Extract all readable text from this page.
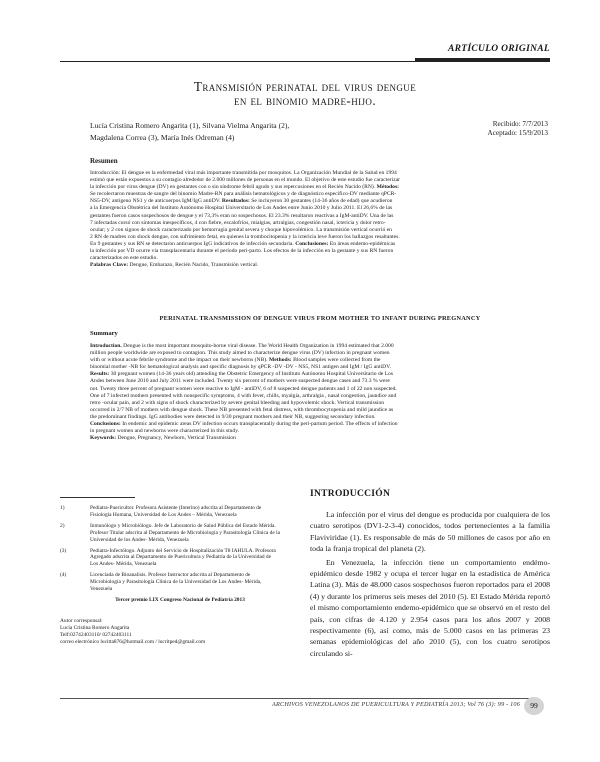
ARTÍCULO ORIGINAL
Transmisión perinatal del virus dengue
en el binomio madre-hijo.
Lucía Cristina Romero Angarita (1), Silvana Vielma Angarita (2),
Magdalena Correa (3), María Inés Odreman (4)
Recibido: 7/7/2013
Aceptado: 15/9/2013
Resumen
Introducción: El dengue es la enfermedad viral más importante transmitida por mosquitos. La Organización Mundial de la Salud en 1994
estimó que están expuestos a su contagio alrededor de 2.000 millones de personas en el mundo. El objetivo de este estudio fue caracterizar
la infección por virus dengue (DV) en gestantes con o sin síndrome febril agudo y sus repercusiones en el Recién Nacido (RN). Métodos:
Se recolectaron muestras de sangre del binomio Madre-RN para análisis hematológicos y de diagnóstico específico-DV mediante qPCR-
NS5-DV, antígeno NS1 y de anticuerpos IgM/IgG antiDV. Resultados: Se incluyeron 30 gestantes (14-36 años de edad) que acudieron
a la Emergencia Obstétrica del Instituto Autónomo Hospital Universitario de Los Andes entre Junio 2010 y Julio 2011. El 26,6% de las
gestantes fueron casos sospechosos de dengue y el 73,3% eran no sospechosos. El 23.3% resultaron reactivas a IgM-antiDV. Una de las
7 infectadas cursó con síntomas inespecíficos, 4 con fiebre, escalofríos, mialgias, artralgias, congestión nasal, ictericia y dolor retro-
ocular; y 2 con signos de shock caracterizado por hemorragia genital severa y choque hipovolémico. La transmisión vertical ocurrió en
2 RN de madres con shock dengue, con sufrimiento fetal, en quienes la trombocitopenia y la ictericia leve fueron los hallazgos resaltantes.
En 9 gestantes y sus RN se detectaron anticuerpos IgG indicativos de infección secundaria. Conclusiones: En áreas endemo-epidémicas
la infección por VD ocurre vía transplacentaria durante el período peri-parto. Los efectos de la infección en la gestante y sus RN fueron
caracterizados en este estudio.
Palabras Clave: Dengue, Embarazo, Recién Nacido, Transmisión vertical.
PERINATAL TRANSMISSION OF DENGUE VIRUS FROM MOTHER TO INFANT DURING PREGNANCY
Summary
Introduction. Dengue is the most important mosquito-borne viral disease. The World Health Organization in 1994 estimated that 2.000
million people worldwide are exposed to contagion. This study aimed to characterize dengue virus (DV) infection in pregnant women
with or without acute febrile syndrome and the impact on their newborns (NB). Methods: Blood samples were collected from the
binomial mother -NB for hematological analysis and specific diagnosis by qPCR -DV -DV - NS5, NS1 antigen and IgM / IgG antiDV.
Results: 30 pregnant women (14-36 years old) attending the Obstetric Emergency of Instituto Autónomo Hospital Universitario de Los
Andes between June 2010 and July 2011 were included. Twenty six percent of mothers were suspected dengue cases and 73.3 % were
not. Twenty three percent of pregnant women were reactive to IgM - antiDV, 6 of 8 suspected dengue patients and 1 of 22 non suspected.
One of 7 infected mothers presented with nonspecific symptoms, 4 with fever, chills, myalgia, arthralgia , nasal congestion, jaundice and
retro -ocular pain, and 2 with signs of shock characterized by severe genital bleeding and hypovolemic shock. Vertical transmission
occurred in 2/7 NB of mothers with dengue shock. These NB presented with fetal distress, with thrombocytopenia and mild jaundice as
the predominant findings. IgG antibodies were detected in 9/30 pregnant mothers and their NB, suggesting secondary infection.
Conclusions: In endemic and epidemic areas DV infection occurs transplacentally during the peri-partum period. The effects of infection
in pregnant women and newborns were characterized in this study.
Keywords: Dengue, Pregnancy, Newborn, Vertical Transmission
1)	Pediatra-Puericultor. Profesora Asistente (Interino) adscrita al Departamento de Fisiología Humana, Universidad de Los Andes – Mérida, Venezuela
2)	Inmunólogo y Microbiólogo. Jefe de Laboratorio de Salud Pública del Estado Mérida. Profesor Titular adscrita al Departamento de Microbiología y Parasitología Clínica de la Universidad de los Andes- Mérida, Venezuela
(3)	Pediatra-Infectólogo. Adjunto del Servicio de Hospitalización T8 IAHULA. Profesora Agregado adscrita al Departamento de Puericultura y Pediatría de la Universidad de Los Andes- Mérida, Venezuela
(4)	Licenciada de Bioanalisis. Profesor Instructor adscrita al Departamento de Microbiología y Parasitología Clínica de la Universidad de Los Andes- Mérida, Venezuela
Tercer premio LIX Congreso Nacional de Pediatría 2013
Autor corresponsal:
Lucía Cristina Romero Angarita
Telf:02742403110/ 02742403111
correo electrónico lucitta876@hotmail.com / lucritped@gmail.com
INTRODUCCIÓN

La infección por el virus del dengue es producida por cualquiera de los cuatro serotipos (DV1-2-3-4) conocidos, todos pertenecientes a la familia Flaviviridae (1). Es responsable de más de 50 millones de casos por año en toda la franja tropical del planeta (2).

En Venezuela, la infección tiene un comportamiento endémo-epidémico desde 1982 y ocupa el tercer lugar en la estadística de América Latina (3). Más de 48.000 casos sospechosos fueron reportados para el 2008 (4) y durante los primeros seis meses del 2010 (5). El Estado Mérida reportó el mismo comportamiento endemo-epidémico que se observó en el resto del país, con cifras de 4.120 y 2.954 casos para los años 2007 y 2008 respectivamente (6), así como, más de 5.000 casos en las primeras 23 semanas epidemiológicas del año 2010 (5), con los cuatro serotipos circulando si-

ARCHIVOS VENEZOLANOS DE PUERICULTURA Y PEDIATRÍA 2013; Vol 76 (3): 99 - 106	99
